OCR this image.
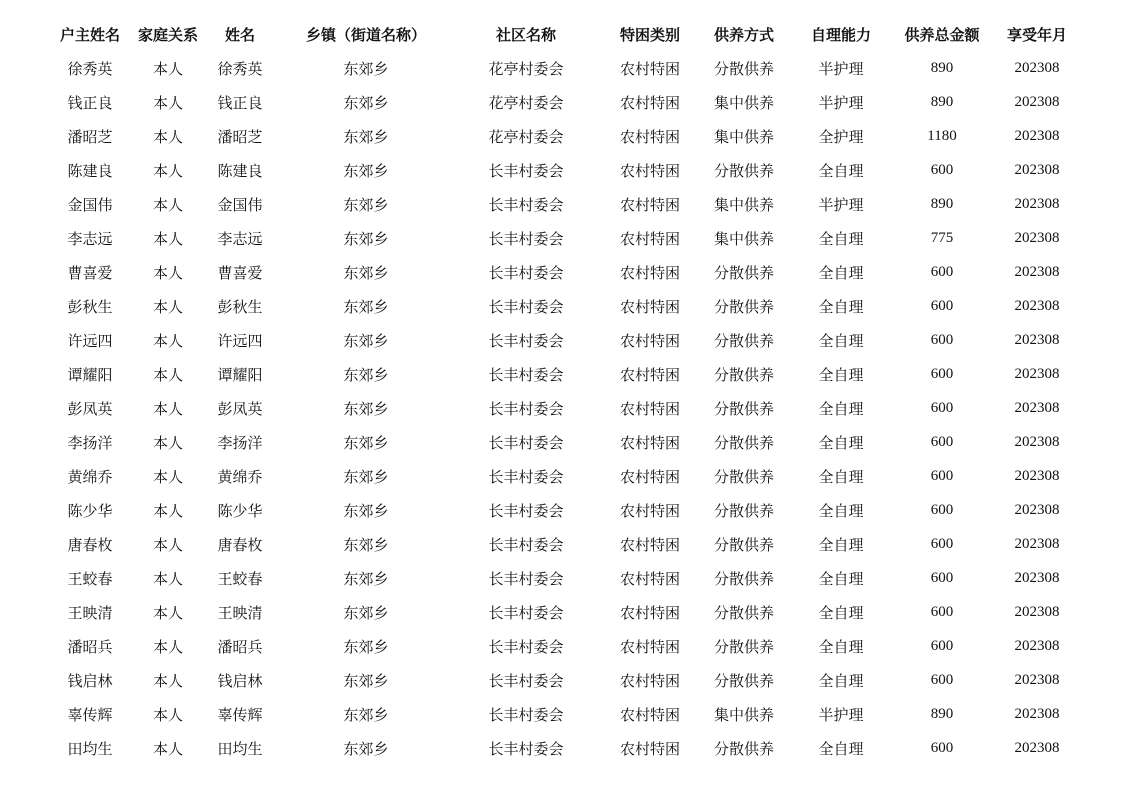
户主姓名	家庭关系	姓名	乡镇（街道名称）	社区名称	特困类别	供养方式	自理能力	供养总金额	享受年月
徐秀英	本人	徐秀英	东郊乡	花亭村委会	农村特困	分散供养	半护理	890	202308
钱正良	本人	钱正良	东郊乡	花亭村委会	农村特困	集中供养	半护理	890	202308
潘昭芝	本人	潘昭芝	东郊乡	花亭村委会	农村特困	集中供养	全护理	1180	202308
陈建良	本人	陈建良	东郊乡	长丰村委会	农村特困	分散供养	全自理	600	202308
金国伟	本人	金国伟	东郊乡	长丰村委会	农村特困	集中供养	半护理	890	202308
李志远	本人	李志远	东郊乡	长丰村委会	农村特困	集中供养	全自理	775	202308
曹喜爱	本人	曹喜爱	东郊乡	长丰村委会	农村特困	分散供养	全自理	600	202308
彭秋生	本人	彭秋生	东郊乡	长丰村委会	农村特困	分散供养	全自理	600	202308
许远四	本人	许远四	东郊乡	长丰村委会	农村特困	分散供养	全自理	600	202308
谭耀阳	本人	谭耀阳	东郊乡	长丰村委会	农村特困	分散供养	全自理	600	202308
彭凤英	本人	彭凤英	东郊乡	长丰村委会	农村特困	分散供养	全自理	600	202308
李扬洋	本人	李扬洋	东郊乡	长丰村委会	农村特困	分散供养	全自理	600	202308
黄绵乔	本人	黄绵乔	东郊乡	长丰村委会	农村特困	分散供养	全自理	600	202308
陈少华	本人	陈少华	东郊乡	长丰村委会	农村特困	分散供养	全自理	600	202308
唐春枚	本人	唐春枚	东郊乡	长丰村委会	农村特困	分散供养	全自理	600	202308
王蛟春	本人	王蛟春	东郊乡	长丰村委会	农村特困	分散供养	全自理	600	202308
王映清	本人	王映清	东郊乡	长丰村委会	农村特困	分散供养	全自理	600	202308
潘昭兵	本人	潘昭兵	东郊乡	长丰村委会	农村特困	分散供养	全自理	600	202308
钱启林	本人	钱启林	东郊乡	长丰村委会	农村特困	分散供养	全自理	600	202308
辜传辉	本人	辜传辉	东郊乡	长丰村委会	农村特困	集中供养	半护理	890	202308
田均生	本人	田均生	东郊乡	长丰村委会	农村特困	分散供养	全自理	600	202308
